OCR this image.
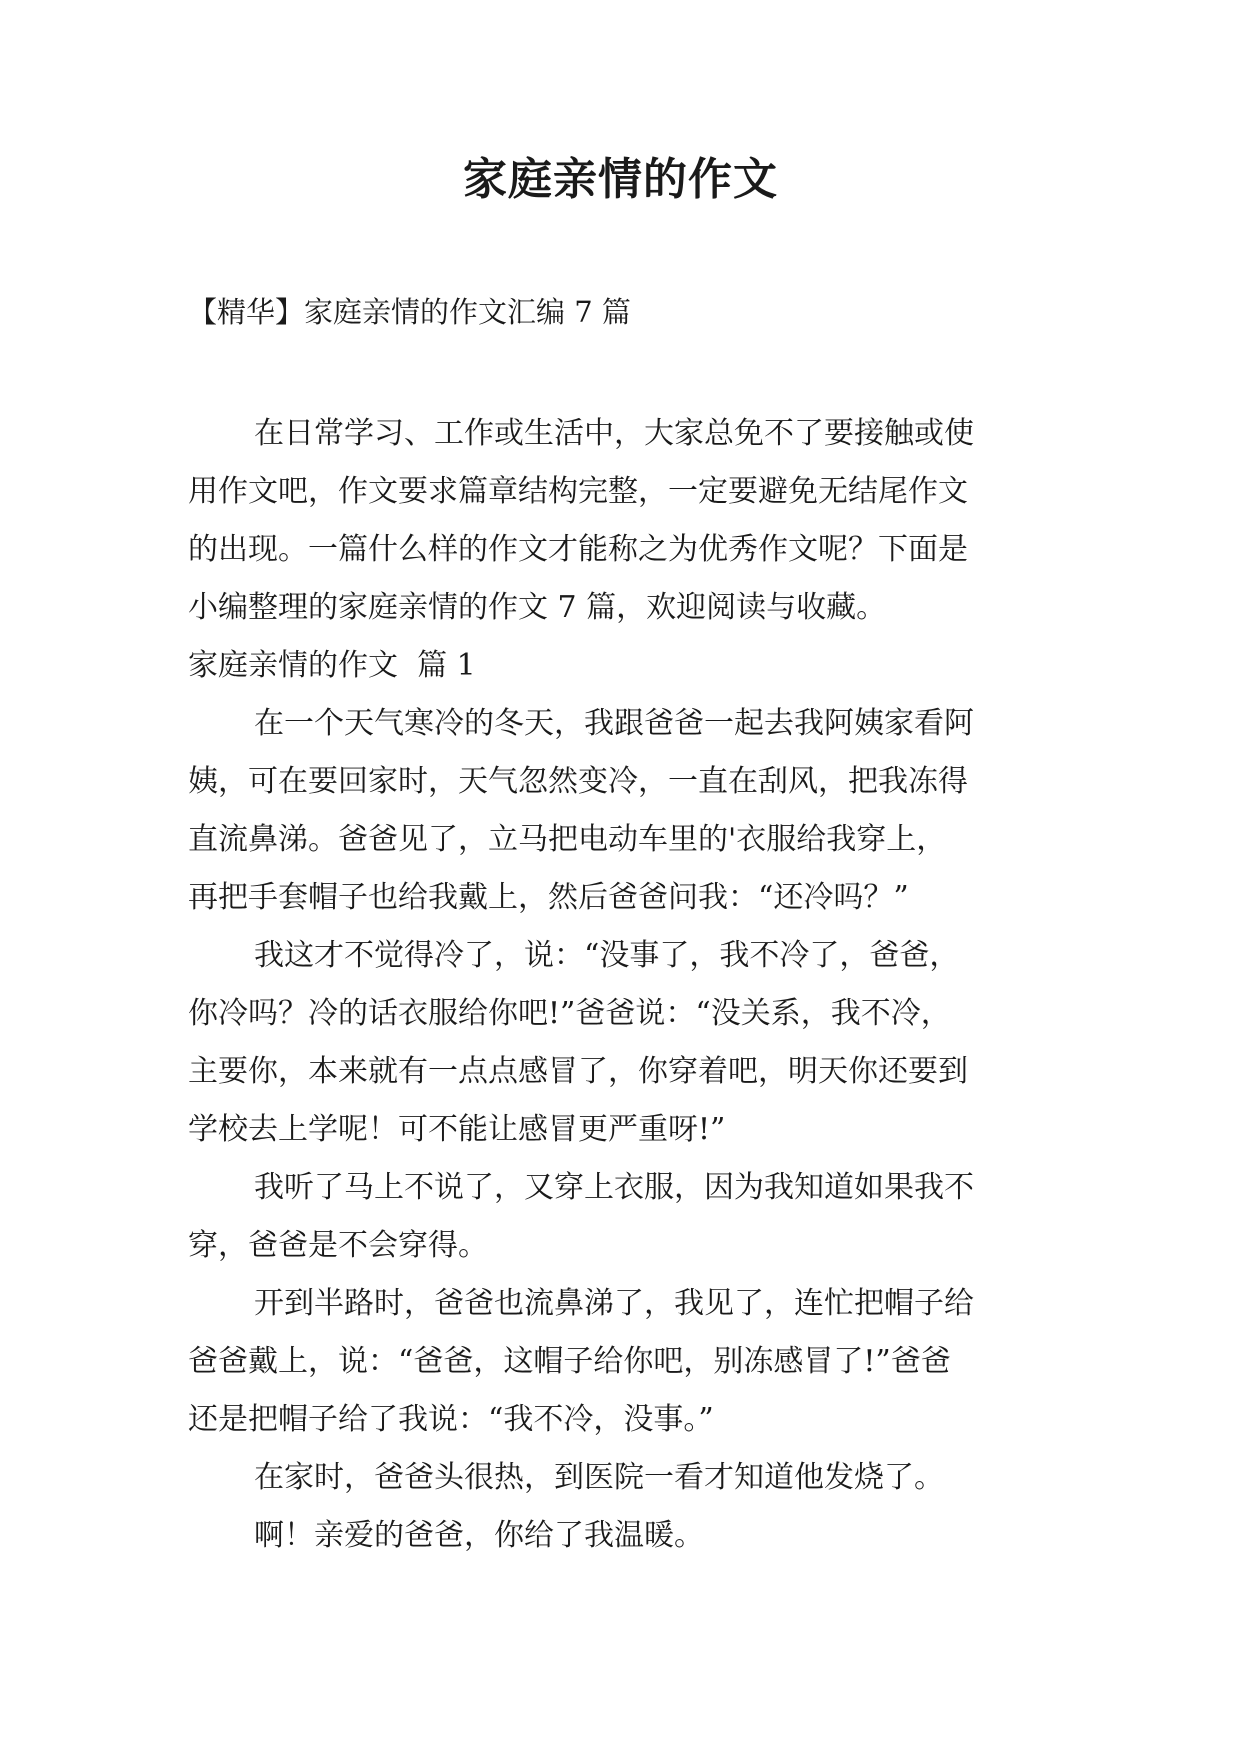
家庭亲情的作文

【精华】家庭亲情的作文汇编 7 篇

在日常学习、工作或生活中，大家总免不了要接触或使

用作文吧，作文要求篇章结构完整，一定要避免无结尾作文

的出现。一篇什么样的作文才能称之为优秀作文呢？下面是

小编整理的家庭亲情的作文 7 篇，欢迎阅读与收藏。

家庭亲情的作文  篇 1

在一个天气寒冷的冬天，我跟爸爸一起去我阿姨家看阿

姨，可在要回家时，天气忽然变冷，一直在刮风，把我冻得

直流鼻涕。爸爸见了，立马把电动车里的'衣服给我穿上，

再把手套帽子也给我戴上，然后爸爸问我：“还冷吗？”

我这才不觉得冷了，说：“没事了，我不冷了，爸爸，

你冷吗？冷的话衣服给你吧!”爸爸说：“没关系，我不冷，

主要你，本来就有一点点感冒了，你穿着吧，明天你还要到

学校去上学呢！可不能让感冒更严重呀!”

我听了马上不说了，又穿上衣服，因为我知道如果我不

穿，爸爸是不会穿得。

开到半路时，爸爸也流鼻涕了，我见了，连忙把帽子给

爸爸戴上，说：“爸爸，这帽子给你吧，别冻感冒了!”爸爸

还是把帽子给了我说：“我不冷，没事。”

在家时，爸爸头很热，到医院一看才知道他发烧了。

啊！亲爱的爸爸，你给了我温暖。
